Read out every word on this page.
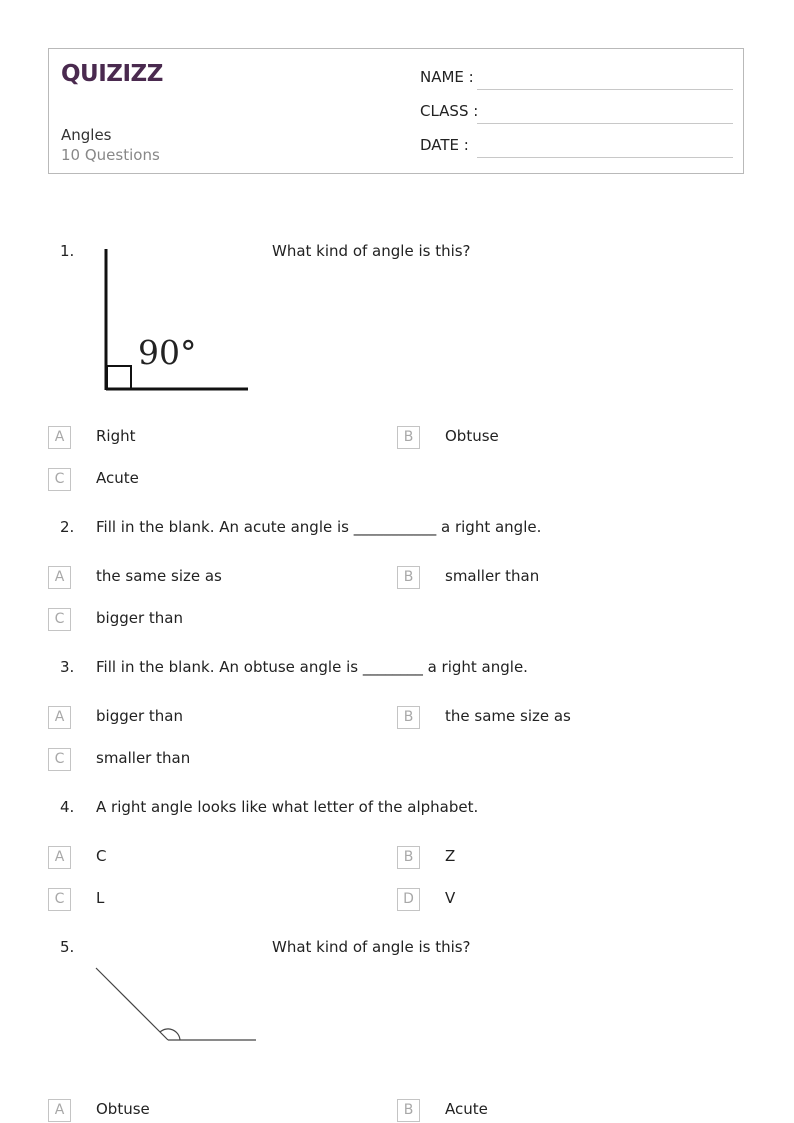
QUIZIZZ
Angles
10 Questions
NAME :
CLASS :
DATE :
1.	What kind of angle is this?
90°
A	Right	B	Obtuse
C	Acute
2. Fill in the blank. An acute angle is ___________ a right angle.
A	the same size as	B	smaller than
C	bigger than
3. Fill in the blank. An obtuse angle is ________ a right angle.
A	bigger than	B	the same size as
C	smaller than
4. A right angle looks like what letter of the alphabet.
A	C	B	Z
C	L	D	V
5.	What kind of angle is this?
A	Obtuse	B	Acute
